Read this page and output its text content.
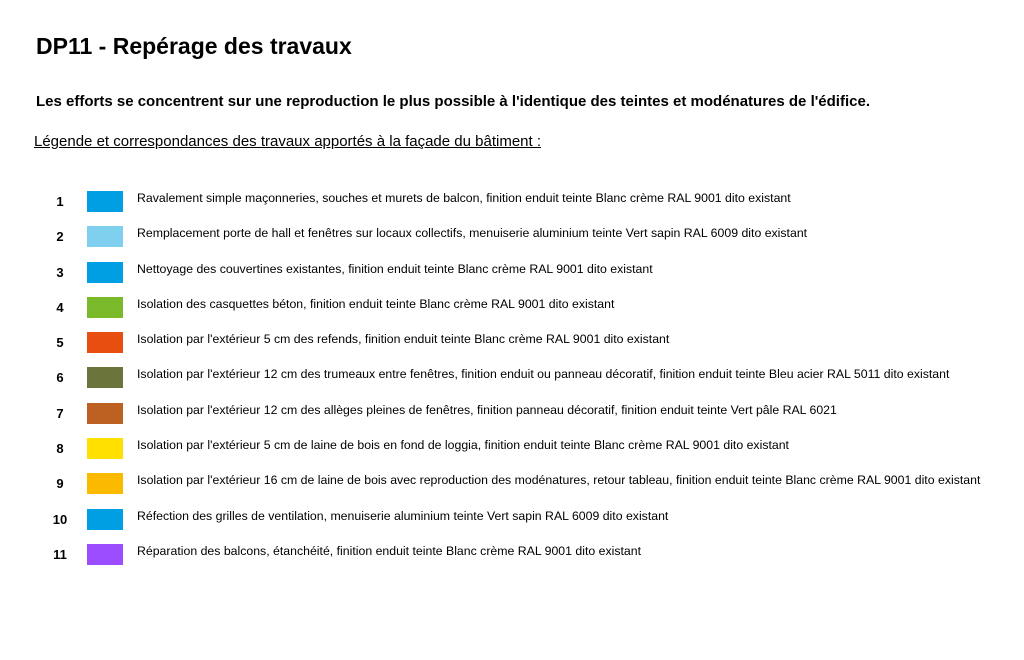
DP11 - Repérage des travaux
Les efforts se concentrent sur une reproduction le plus possible à l'identique des teintes et modénatures de l'édifice.
Légende et correspondances des travaux apportés à la façade du bâtiment :
1	Ravalement simple maçonneries, souches et murets de balcon, finition enduit teinte Blanc crème RAL 9001 dito existant
2	Remplacement porte de hall et fenêtres sur locaux collectifs, menuiserie aluminium teinte Vert sapin RAL 6009 dito existant
3	Nettoyage des couvertines existantes, finition enduit teinte Blanc crème RAL 9001 dito existant
4	Isolation des casquettes béton, finition enduit teinte Blanc crème RAL 9001 dito existant
5	Isolation par l'extérieur 5 cm des refends, finition enduit teinte Blanc crème RAL 9001 dito existant
6	Isolation par l'extérieur 12 cm des trumeaux entre fenêtres, finition enduit ou panneau décoratif, finition enduit teinte Bleu acier RAL 5011 dito existant
7	Isolation par l'extérieur 12 cm des allèges pleines de fenêtres, finition panneau décoratif, finition enduit teinte Vert pâle RAL 6021
8	Isolation par l'extérieur 5 cm de laine de bois en fond de loggia, finition enduit teinte Blanc crème RAL 9001 dito existant
9	Isolation par l'extérieur 16 cm de laine de bois avec reproduction des modénatures, retour tableau, finition enduit teinte Blanc crème RAL 9001 dito existant
10	Réfection des grilles de ventilation, menuiserie aluminium teinte Vert sapin RAL 6009 dito existant
11	Réparation des balcons, étanchéité, finition enduit teinte Blanc crème RAL 9001 dito existant
